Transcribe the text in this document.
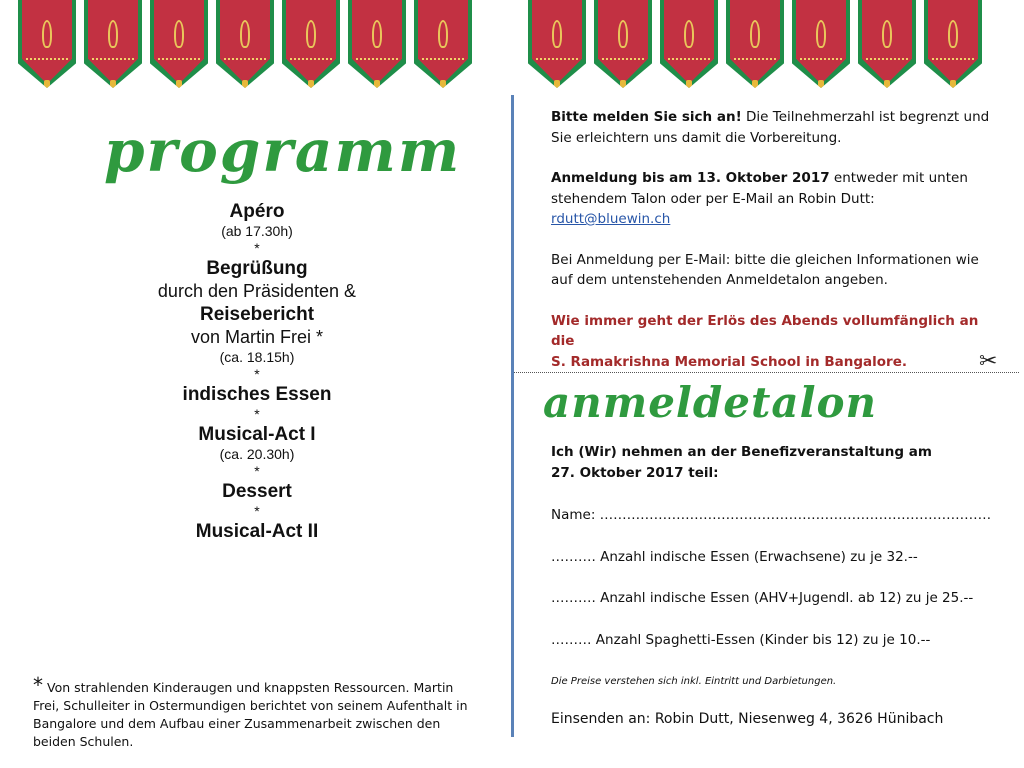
programm
Apéro
(ab 17.30h)
*
Begrüßung
durch den Präsidenten &
Reisebericht
von Martin Frei *
(ca. 18.15h)
*
indisches Essen
*
Musical-Act I
(ca. 20.30h)
*
Dessert
*
Musical-Act II
* Von strahlenden Kinderaugen und knappsten Ressourcen. Martin Frei, Schulleiter in Ostermundigen berichtet von seinem Aufenthalt in Bangalore und dem Aufbau einer Zusammenarbeit zwischen den beiden Schulen.
✂

Bitte melden Sie sich an! Die Teilnehmerzahl ist begrenzt und Sie erleichtern uns damit die Vorbereitung.

Anmeldung bis am 13. Oktober 2017 entweder mit unten stehendem Talon oder per E-Mail an Robin Dutt:
rdutt@bluewin.ch

Bei Anmeldung per E-Mail: bitte die gleichen Informationen wie auf dem untenstehenden Anmeldetalon angeben.

Wie immer geht der Erlös des Abends vollumfänglich an die
S. Ramakrishna Memorial School in Bangalore.

anmeldetalon

Ich (Wir) nehmen an der Benefizveranstaltung am
27. Oktober 2017 teil:

Name: ……………………………………………………………………………

………. Anzahl indische Essen (Erwachsene) zu je 32.--

………. Anzahl indische Essen (AHV+Jugendl. ab 12) zu je 25.--

……… Anzahl Spaghetti-Essen (Kinder bis 12) zu je 10.--

Die Preise verstehen sich inkl. Eintritt und Darbietungen.

Einsenden an: Robin Dutt, Niesenweg 4, 3626 Hünibach
